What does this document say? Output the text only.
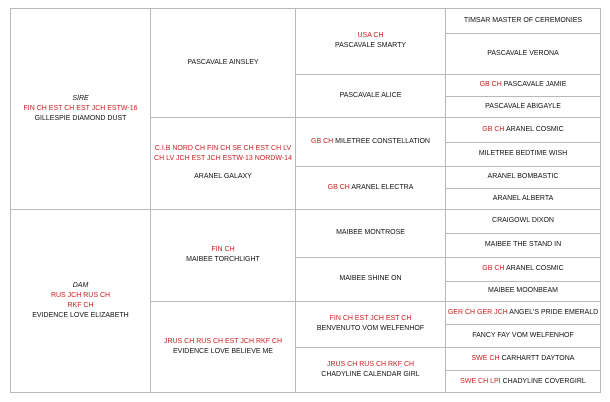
SIRE
FIN CH EST CH EST JCH ESTW-16
GILLESPIE DIAMOND DUST
DAM
RUS JCH RUS CH
RKF CH
EVIDENCE LOVE ELIZABETH
PASCAVALE AINSLEY
C.I.B NORD CH FIN CH SE CH EST CH LV
CH LV JCH EST JCH ESTW-13 NORDW-14
ARANEL GALAXY
FIN CH
MAIBEE TORCHLIGHT
JRUS CH RUS CH EST JCH RKF CH
EVIDENCE LOVE BELIEVE ME
USA CH
PASCAVALE SMARTY
PASCAVALE ALICE
GB CH MILETREE CONSTELLATION
GB CH ARANEL ELECTRA
MAIBEE MONTROSE
MAIBEE SHINE ON
FIN CH EST JCH EST CH
BENVENUTO VOM WELFENHOF
JRUS CH RUS CH RKF CH
CHADYLINE CALENDAR GIRL
TIMSAR MASTER OF CEREMONIES
PASCAVALE VERONA
GB CH PASCAVALE JAMIE
PASCAVALE ABIGAYLE
GB CH ARANEL COSMIC
MILETREE BEDTIME WISH
ARANEL BOMBASTIC
ARANEL ALBERTA
CRAIGOWL DIXON
MAIBEE THE STAND IN
GB CH ARANEL COSMIC
MAIBEE MOONBEAM
GER CH GER JCH ANGEL'S PRIDE EMERALD
FANCY FAY VOM WELFENHOF
SWE CH CARHARTT DAYTONA
SWE CH LPI CHADYLINE COVERGIRL
